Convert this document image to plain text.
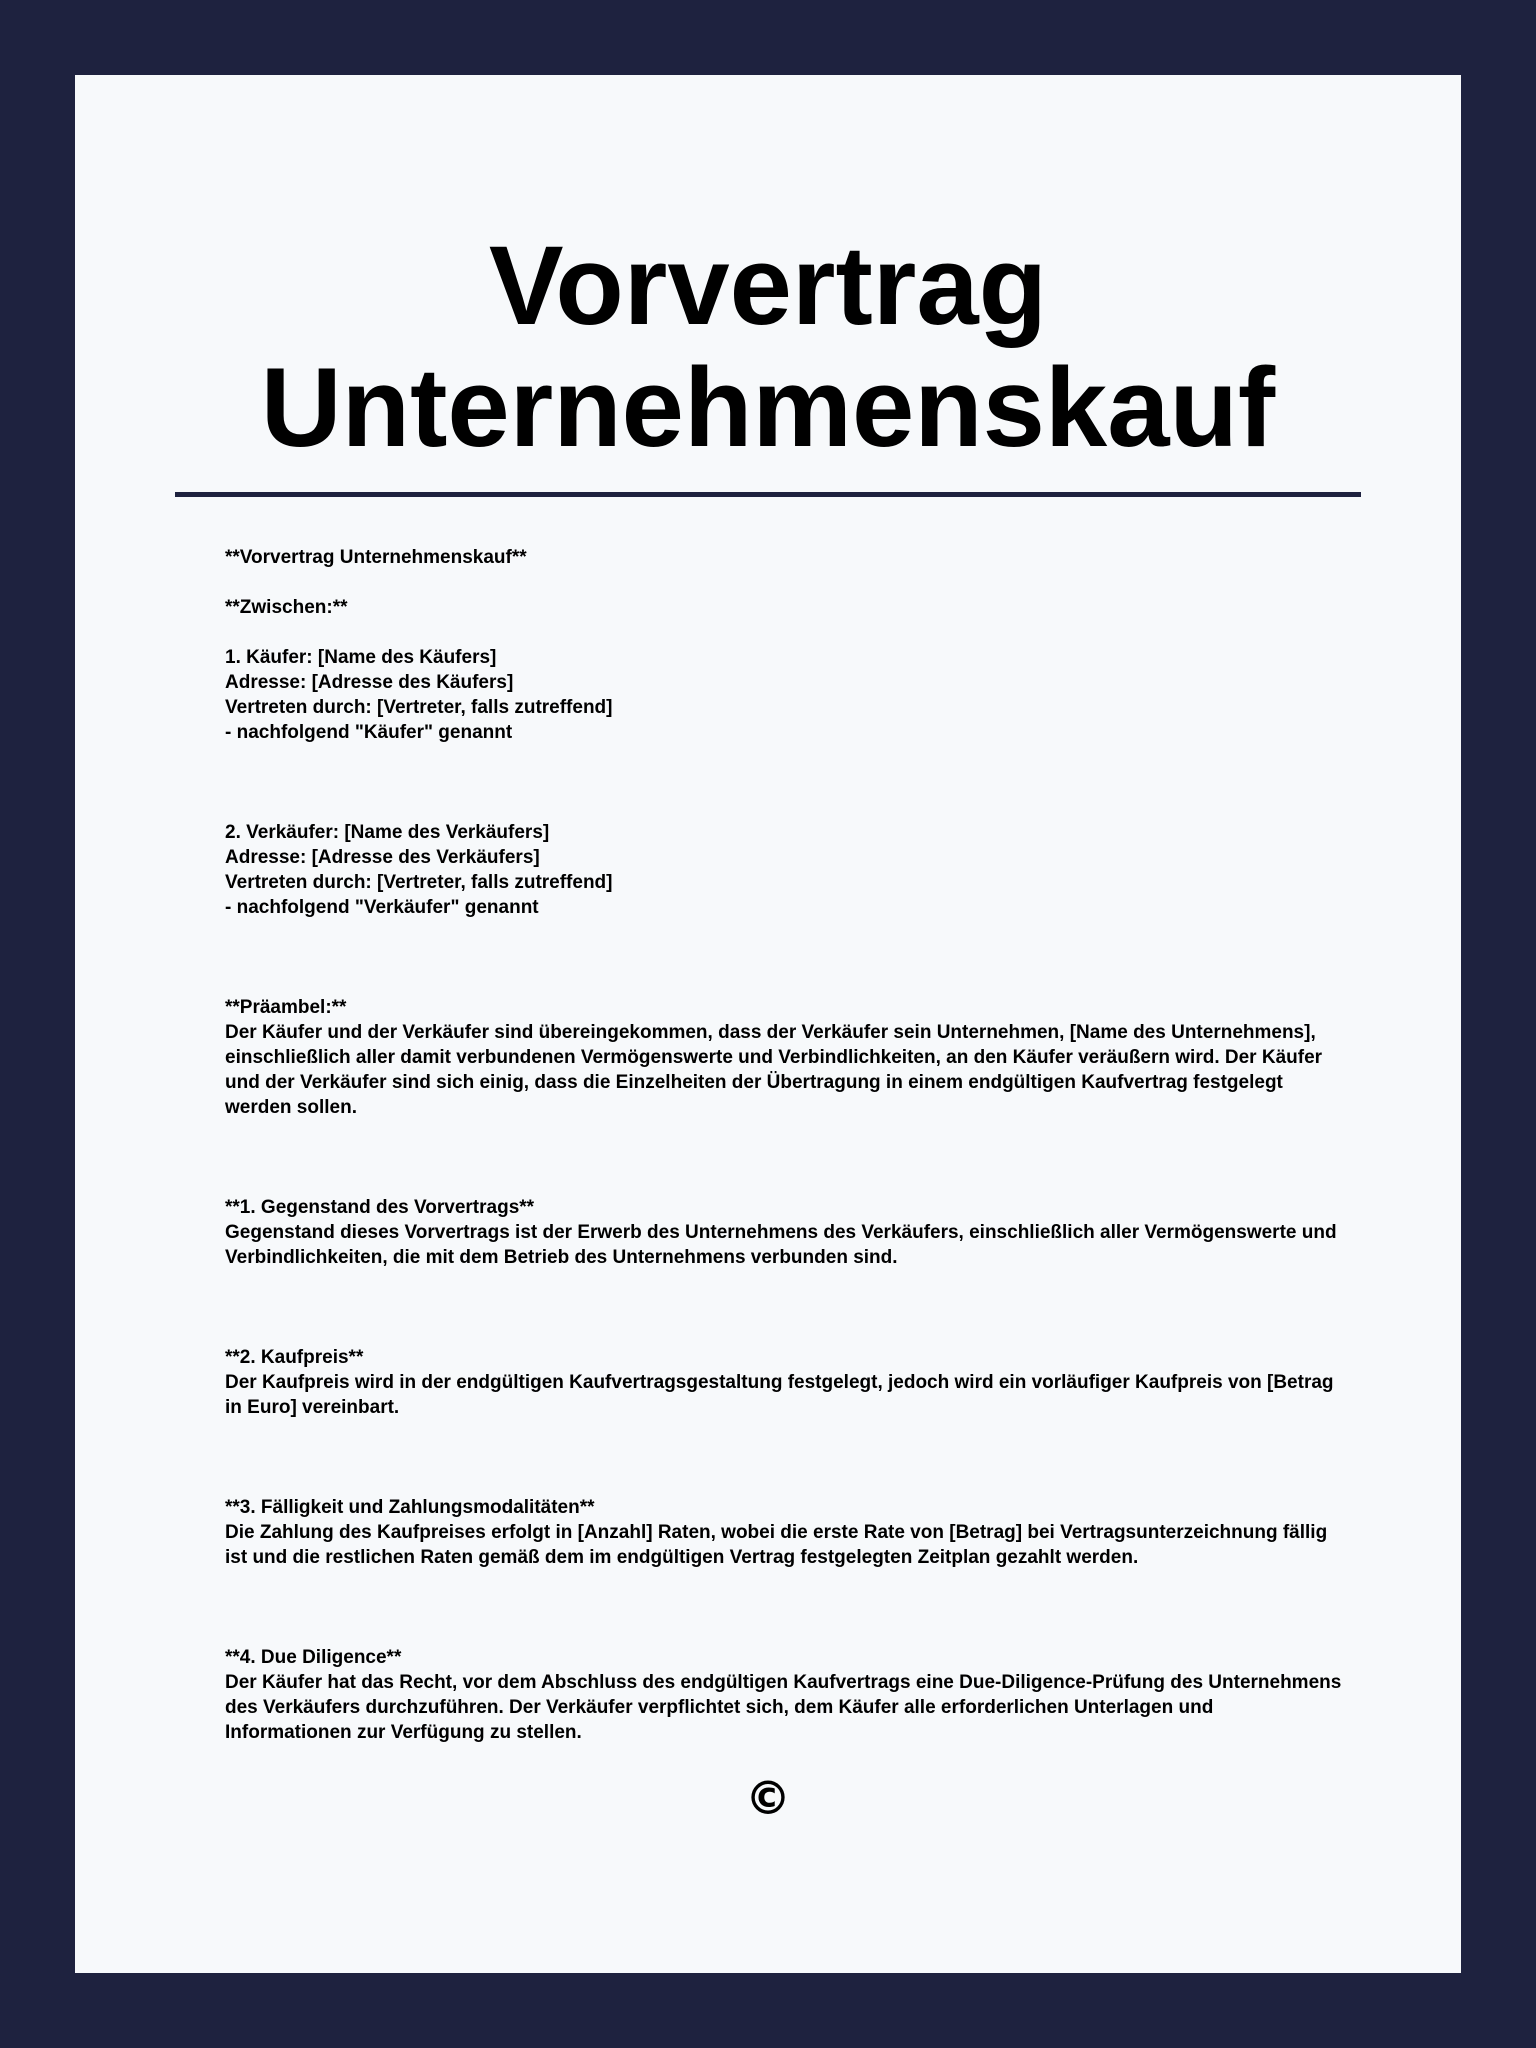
Vorvertrag
Unternehmenskauf

**Vorvertrag Unternehmenskauf**

**Zwischen:**

1. Käufer: [Name des Käufers]

Adresse: [Adresse des Käufers]

Vertreten durch: [Vertreter, falls zutreffend]

- nachfolgend "Käufer" genannt

2. Verkäufer: [Name des Verkäufers]

Adresse: [Adresse des Verkäufers]

Vertreten durch: [Vertreter, falls zutreffend]

- nachfolgend "Verkäufer" genannt

**Präambel:**

Der Käufer und der Verkäufer sind übereingekommen, dass der Verkäufer sein Unternehmen, [Name des Unternehmens], einschließlich aller damit verbundenen Vermögenswerte und Verbindlichkeiten, an den Käufer veräußern wird. Der Käufer und der Verkäufer sind sich einig, dass die Einzelheiten der Übertragung in einem endgültigen Kaufvertrag festgelegt werden sollen.

**1. Gegenstand des Vorvertrags**

Gegenstand dieses Vorvertrags ist der Erwerb des Unternehmens des Verkäufers, einschließlich aller Vermögenswerte und Verbindlichkeiten, die mit dem Betrieb des Unternehmens verbunden sind.

**2. Kaufpreis**

Der Kaufpreis wird in der endgültigen Kaufvertragsgestaltung festgelegt, jedoch wird ein vorläufiger Kaufpreis von [Betrag in Euro] vereinbart.

**3. Fälligkeit und Zahlungsmodalitäten**

Die Zahlung des Kaufpreises erfolgt in [Anzahl] Raten, wobei die erste Rate von [Betrag] bei Vertragsunterzeichnung fällig ist und die restlichen Raten gemäß dem im endgültigen Vertrag festgelegten Zeitplan gezahlt werden.

**4. Due Diligence**

Der Käufer hat das Recht, vor dem Abschluss des endgültigen Kaufvertrags eine Due-Diligence-Prüfung des Unternehmens des Verkäufers durchzuführen. Der Verkäufer verpflichtet sich, dem Käufer alle erforderlichen Unterlagen und Informationen zur Verfügung zu stellen.

©
